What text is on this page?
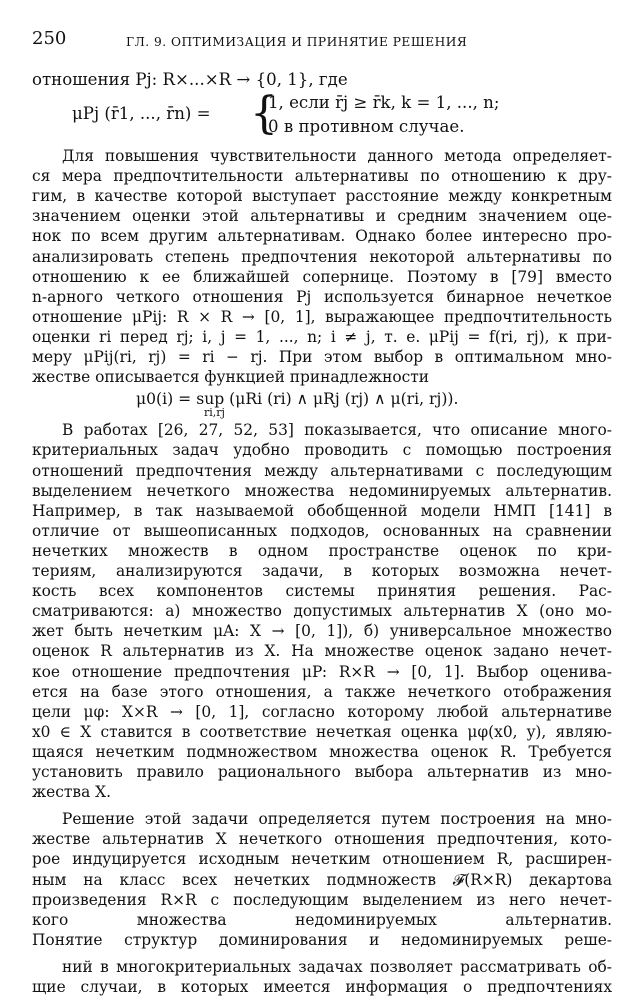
250	ГЛ. 9. ОПТИМИЗАЦИЯ И ПРИНЯТИЕ РЕШЕНИЯ
отношения Pj: R×...×R → {0, 1}, где
μPj (r̄1, ..., r̄n) = {
1, если r̄j ≥ r̄k, k = 1, ..., n;
0 в противном случае.
Для повышения чувствительности данного метода определяет-
ся мера предпочтительности альтернативы по отношению к дру-
гим, в качестве которой выступает расстояние между конкретным
значением оценки этой альтернативы и средним значением оце-
нок по всем другим альтернативам. Однако более интересно про-
анализировать степень предпочтения некоторой альтернативы по
отношению к ее ближайшей сопернице. Поэтому в [79] вместо
n-арного четкого отношения Pj используется бинарное нечеткое
отношение μPij: R × R → [0, 1], выражающее предпочтительность
оценки ri перед rj; i, j = 1, ..., n; i ≠ j, т. е. μPij = f(ri, rj), к при-
меру μPij(ri, rj) = ri − rj. При этом выбор в оптимальном мно-
жестве описывается функцией принадлежности
μ0(i) = sup (μRi (ri) ∧ μRj (rj) ∧ μ(ri, rj)).
ri,rj
В работах [26, 27, 52, 53] показывается, что описание много-
критериальных задач удобно проводить с помощью построения
отношений предпочтения между альтернативами с последующим
выделением нечеткого множества недоминируемых альтернатив.
Например, в так называемой обобщенной модели НМП [141] в
отличие от вышеописанных подходов, основанных на сравнении
нечетких множеств в одном пространстве оценок по кри-
териям, анализируются задачи, в которых возможна нечет-
кость всех компонентов системы принятия решения. Рас-
сматриваются: а) множество допустимых альтернатив X (оно мо-
жет быть нечетким μA: X → [0, 1]), б) универсальное множество
оценок R альтернатив из X. На множестве оценок задано нечет-
кое отношение предпочтения μP: R×R → [0, 1]. Выбор оценива-
ется на базе этого отношения, а также нечеткого отображения
цели μφ: X×R → [0, 1], согласно которому любой альтернативе
x0 ∈ X ставится в соответствие нечеткая оценка μφ(x0, y), являю-
щаяся нечетким подмножеством множества оценок R. Требуется
установить правило рационального выбора альтернатив из мно-
жества X.
Решение этой задачи определяется путем построения на мно-
жестве альтернатив X нечеткого отношения предпочтения, кото-
рое индуцируется исходным нечетким отношением R, расширен-
ным на класс всех нечетких подмножеств 𝓕(R×R) декартова
произведения R×R с последующим выделением из него нечет-
кого множества недоминируемых альтернатив.
Понятие структур доминирования и недоминируемых реше-
ний в многокритериальных задачах позволяет рассматривать об-
щие случаи, в которых имеется информация о предпочтениях
